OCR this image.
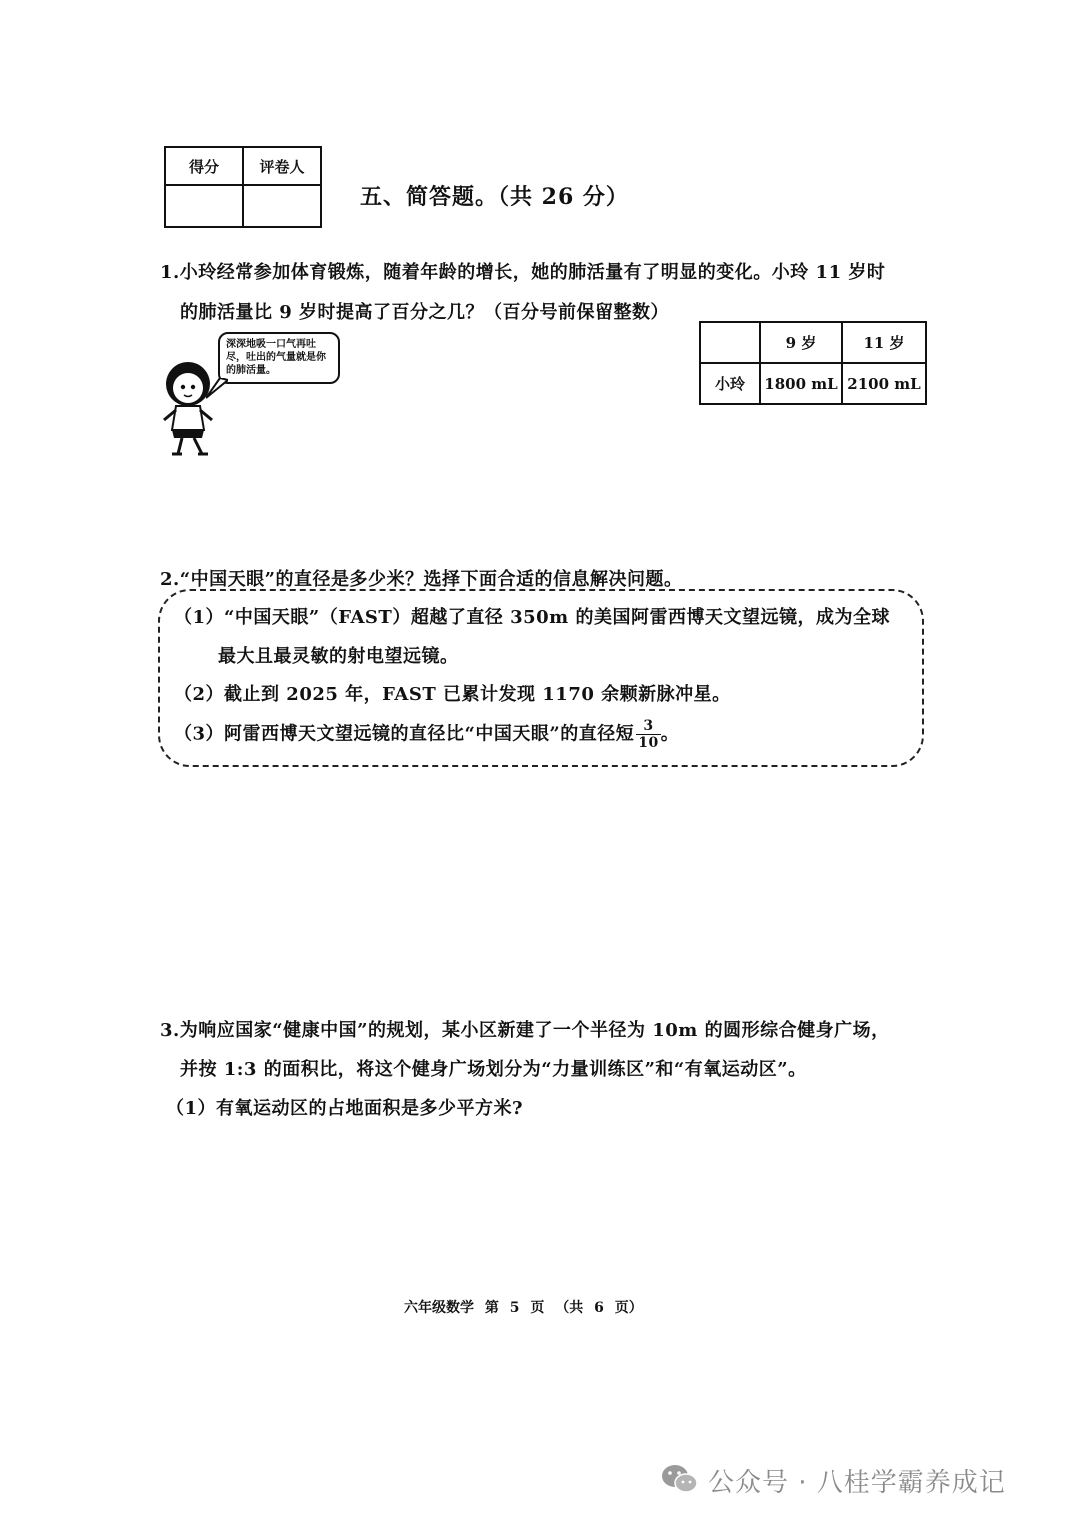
得分	评卷人

五、简答题。（共 26 分）
1.小玲经常参加体育锻炼，随着年龄的增长，她的肺活量有了明显的变化。小玲 11 岁时
的肺活量比 9 岁时提高了百分之几？（百分号前保留整数）
深深地吸一口气再吐尽，吐出的气量就是你的肺活量。
	9 岁	11 岁
小玲	1800 mL	2100 mL
2.“中国天眼”的直径是多少米？选择下面合适的信息解决问题。
（1）“中国天眼”（FAST）超越了直径 350m 的美国阿雷西博天文望远镜，成为全球
最大且最灵敏的射电望远镜。
（2）截止到 2025 年，FAST 已累计发现 1170 余颗新脉冲星。
（3）阿雷西博天文望远镜的直径比“中国天眼”的直径短 $\frac{3}{10}$ 。
3.为响应国家“健康中国”的规划，某小区新建了一个半径为 10m 的圆形综合健身广场，
并按 1:3 的面积比，将这个健身广场划分为“力量训练区”和“有氧运动区”。
（1）有氧运动区的占地面积是多少平方米?
六年级数学 第 5 页 （共 6 页）
公众号 · 八桂学霸养成记
